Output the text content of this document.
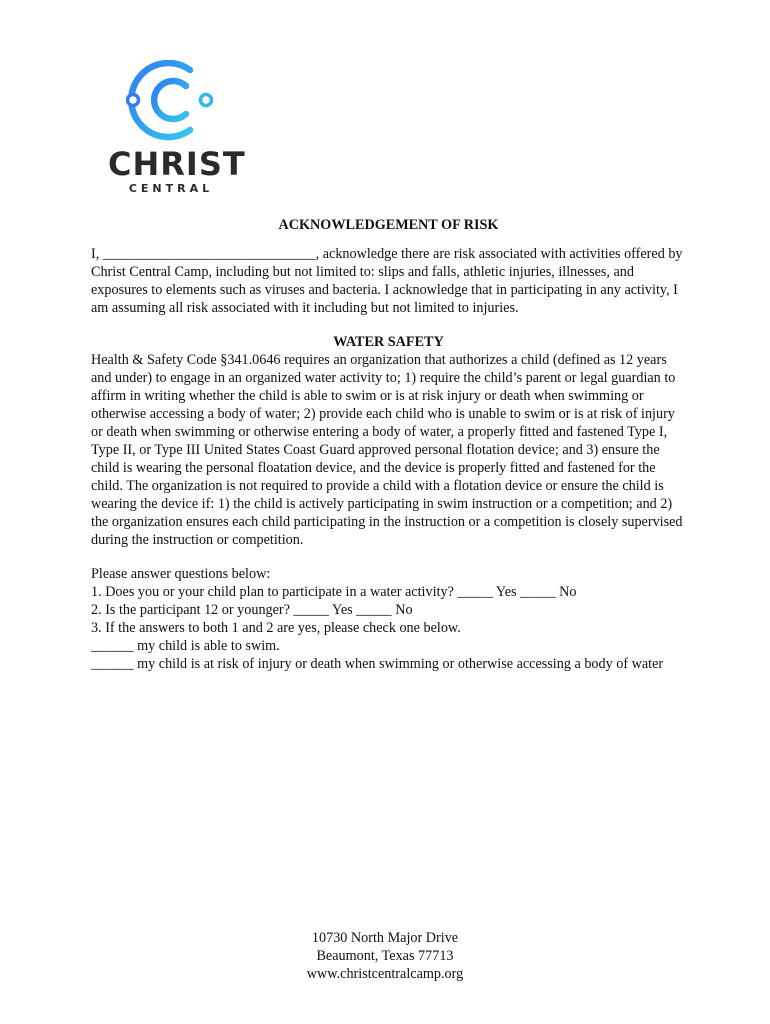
CHRIST
CENTRAL

ACKNOWLEDGEMENT OF RISK

I, ______________________________, acknowledge there are risk associated with activities offered by Christ Central Camp, including but not limited to: slips and falls, athletic injuries, illnesses, and exposures to elements such as viruses and bacteria. I acknowledge that in participating in any activity, I am assuming all risk associated with it including but not limited to injuries.

WATER SAFETY

Health & Safety Code §341.0646 requires an organization that authorizes a child (defined as 12 years and under) to engage in an organized water activity to; 1) require the child’s parent or legal guardian to affirm in writing whether the child is able to swim or is at risk injury or death when swimming or otherwise accessing a body of water; 2) provide each child who is unable to swim or is at risk of injury or death when swimming or otherwise entering a body of water, a properly fitted and fastened Type I, Type II, or Type III United States Coast Guard approved personal flotation device; and 3) ensure the child is wearing the personal floatation device, and the device is properly fitted and fastened for the child. The organization is not required to provide a child with a flotation device or ensure the child is wearing the device if: 1) the child is actively participating in swim instruction or a competition; and 2) the organization ensures each child participating in the instruction or a competition is closely supervised during the instruction or competition.

Please answer questions below:

1. Does you or your child plan to participate in a water activity? _____ Yes _____ No

2. Is the participant 12 or younger? _____ Yes _____ No

3. If the answers to both 1 and 2 are yes, please check one below.

______ my child is able to swim.

______ my child is at risk of injury or death when swimming or otherwise accessing a body of water

10730 North Major Drive
Beaumont, Texas 77713
www.christcentralcamp.org
